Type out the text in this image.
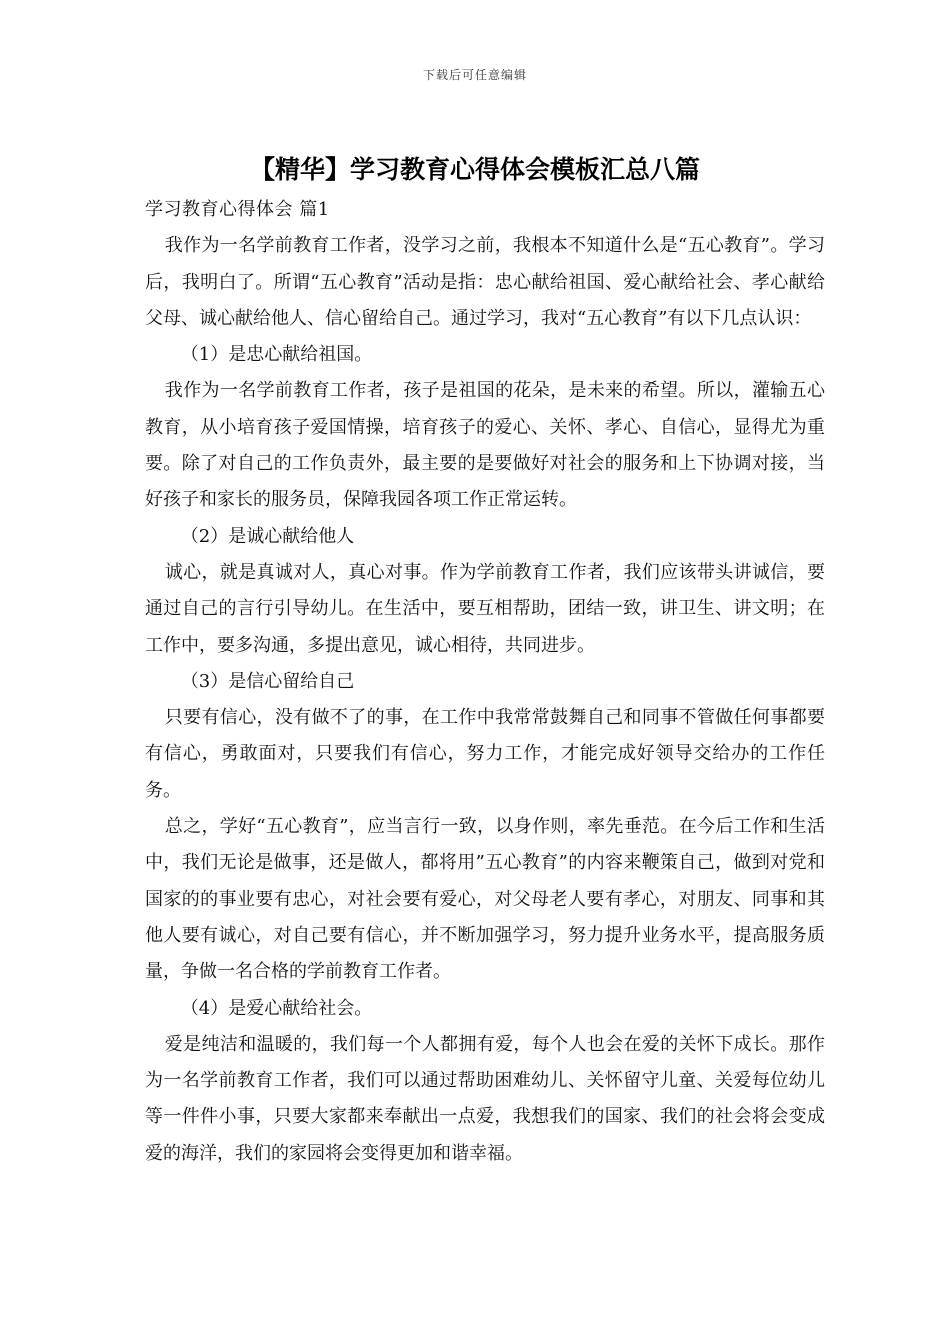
下载后可任意编辑
【精华】学习教育心得体会模板汇总八篇

学习教育心得体会 篇1

我作为一名学前教育工作者，没学习之前，我根本不知道什么是“五心教育”。学习后，我明白了。所谓“五心教育”活动是指：忠心献给祖国、爱心献给社会、孝心献给父母、诚心献给他人、信心留给自己。通过学习，我对“五心教育”有以下几点认识：

（1）是忠心献给祖国。

我作为一名学前教育工作者，孩子是祖国的花朵，是未来的希望。所以，灌输五心教育，从小培育孩子爱国情操，培育孩子的爱心、关怀、孝心、自信心，显得尤为重要。除了对自己的工作负责外，最主要的是要做好对社会的服务和上下协调对接，当好孩子和家长的服务员，保障我园各项工作正常运转。

（2）是诚心献给他人

诚心，就是真诚对人，真心对事。作为学前教育工作者，我们应该带头讲诚信，要通过自己的言行引导幼儿。在生活中，要互相帮助，团结一致，讲卫生、讲文明；在工作中，要多沟通，多提出意见，诚心相待，共同进步。

（3）是信心留给自己

只要有信心，没有做不了的事，在工作中我常常鼓舞自己和同事不管做任何事都要有信心，勇敢面对，只要我们有信心，努力工作，才能完成好领导交给办的工作任务。

总之，学好“五心教育”，应当言行一致，以身作则，率先垂范。在今后工作和生活中，我们无论是做事，还是做人，都将用”五心教育”的内容来鞭策自己，做到对党和国家的的事业要有忠心，对社会要有爱心，对父母老人要有孝心，对朋友、同事和其他人要有诚心，对自己要有信心，并不断加强学习，努力提升业务水平，提高服务质量，争做一名合格的学前教育工作者。

（4）是爱心献给社会。

爱是纯洁和温暖的，我们每一个人都拥有爱，每个人也会在爱的关怀下成长。那作为一名学前教育工作者，我们可以通过帮助困难幼儿、关怀留守儿童、关爱每位幼儿等一件件小事，只要大家都来奉献出一点爱，我想我们的国家、我们的社会将会变成爱的海洋，我们的家园将会变得更加和谐幸福。
